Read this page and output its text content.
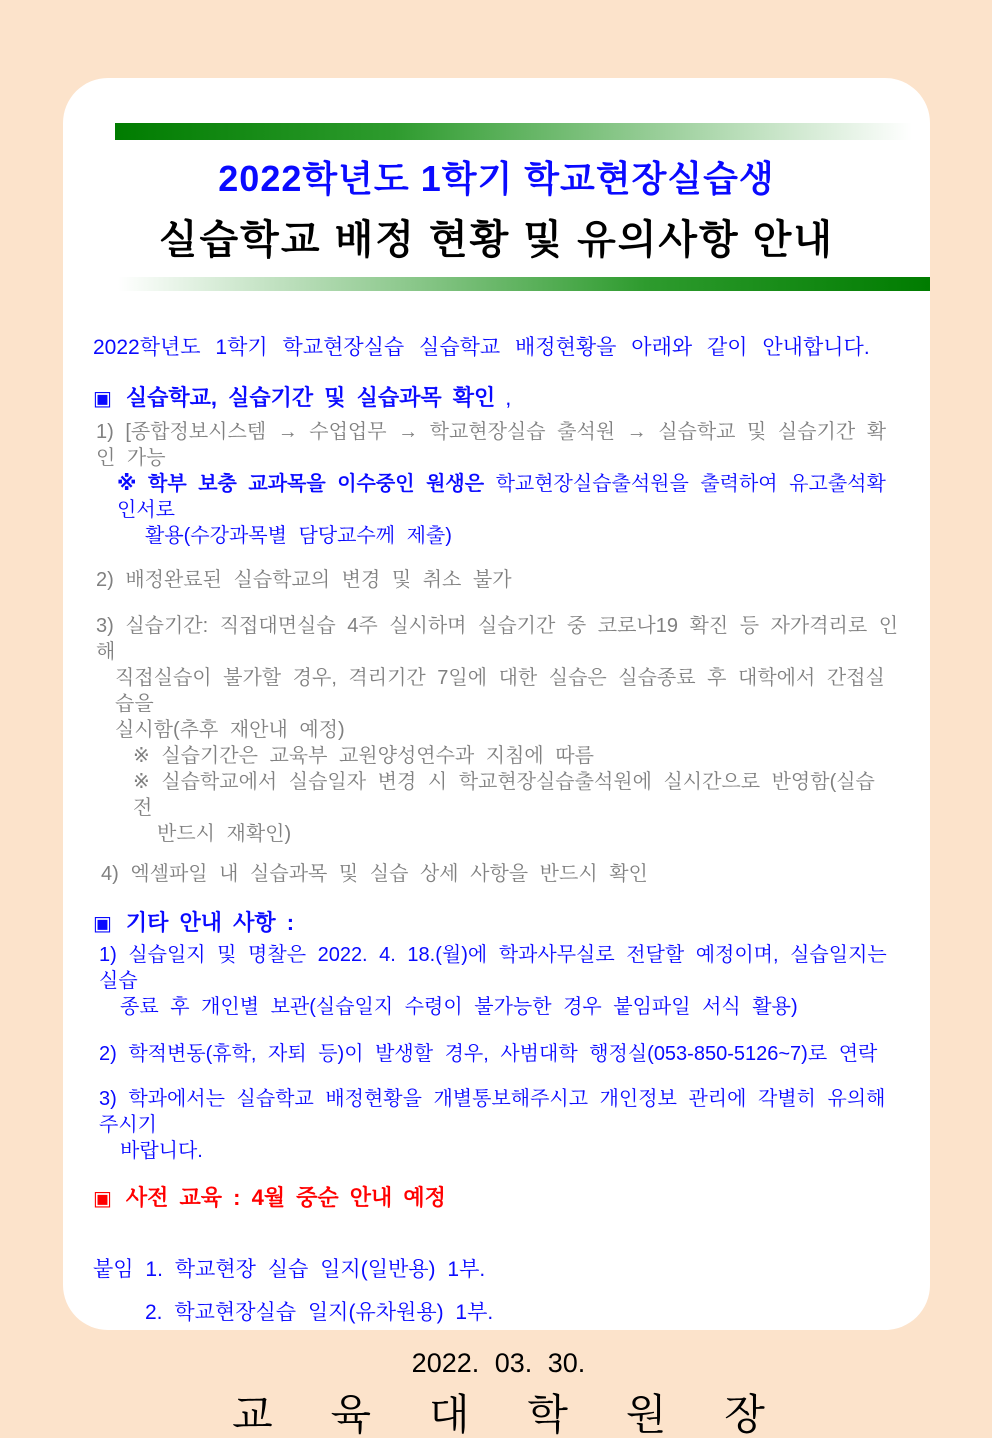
2022학년도 1학기 학교현장실습생
실습학교 배정 현황 및 유의사항 안내
2022학년도 1학기 학교현장실습 실습학교 배정현황을 아래와 같이 안내합니다.
▣ 실습학교, 실습기간 및 실습과목 확인 ,
1) [종합정보시스템 → 수업업무 → 학교현장실습 출석원 → 실습학교 및 실습기간 확인 가능
※ 학부 보충 교과목을 이수중인 원생은 학교현장실습출석원을 출력하여 유고출석확인서로
활용(수강과목별 담당교수께 제출)
2) 배정완료된 실습학교의 변경 및 취소 불가
3) 실습기간: 직접대면실습 4주 실시하며 실습기간 중 코로나19 확진 등 자가격리로 인해
직접실습이 불가할 경우, 격리기간 7일에 대한 실습은 실습종료 후 대학에서 간접실습을
실시함(추후 재안내 예정)
※ 실습기간은 교육부 교원양성연수과 지침에 따름
※ 실습학교에서 실습일자 변경 시 학교현장실습출석원에 실시간으로 반영함(실습 전
반드시 재확인)
4) 엑셀파일 내 실습과목 및 실습 상세 사항을 반드시 확인
▣ 기타 안내 사항 :
1) 실습일지 및 명찰은 2022. 4. 18.(월)에 학과사무실로 전달할 예정이며, 실습일지는 실습
종료 후 개인별 보관(실습일지 수령이 불가능한 경우 붙임파일 서식 활용)
2) 학적변동(휴학, 자퇴 등)이 발생할 경우, 사범대학 행정실(053-850-5126~7)로 연락
3) 학과에서는 실습학교 배정현황을 개별통보해주시고 개인정보 관리에 각별히 유의해주시기
바랍니다.
▣ 사전 교육 : 4월 중순 안내 예정
붙임 1. 학교현장 실습 일지(일반용) 1부.
2. 학교현장실습 일지(유차원용) 1부.
2022. 03. 30.
교 육 대 학 원 장
